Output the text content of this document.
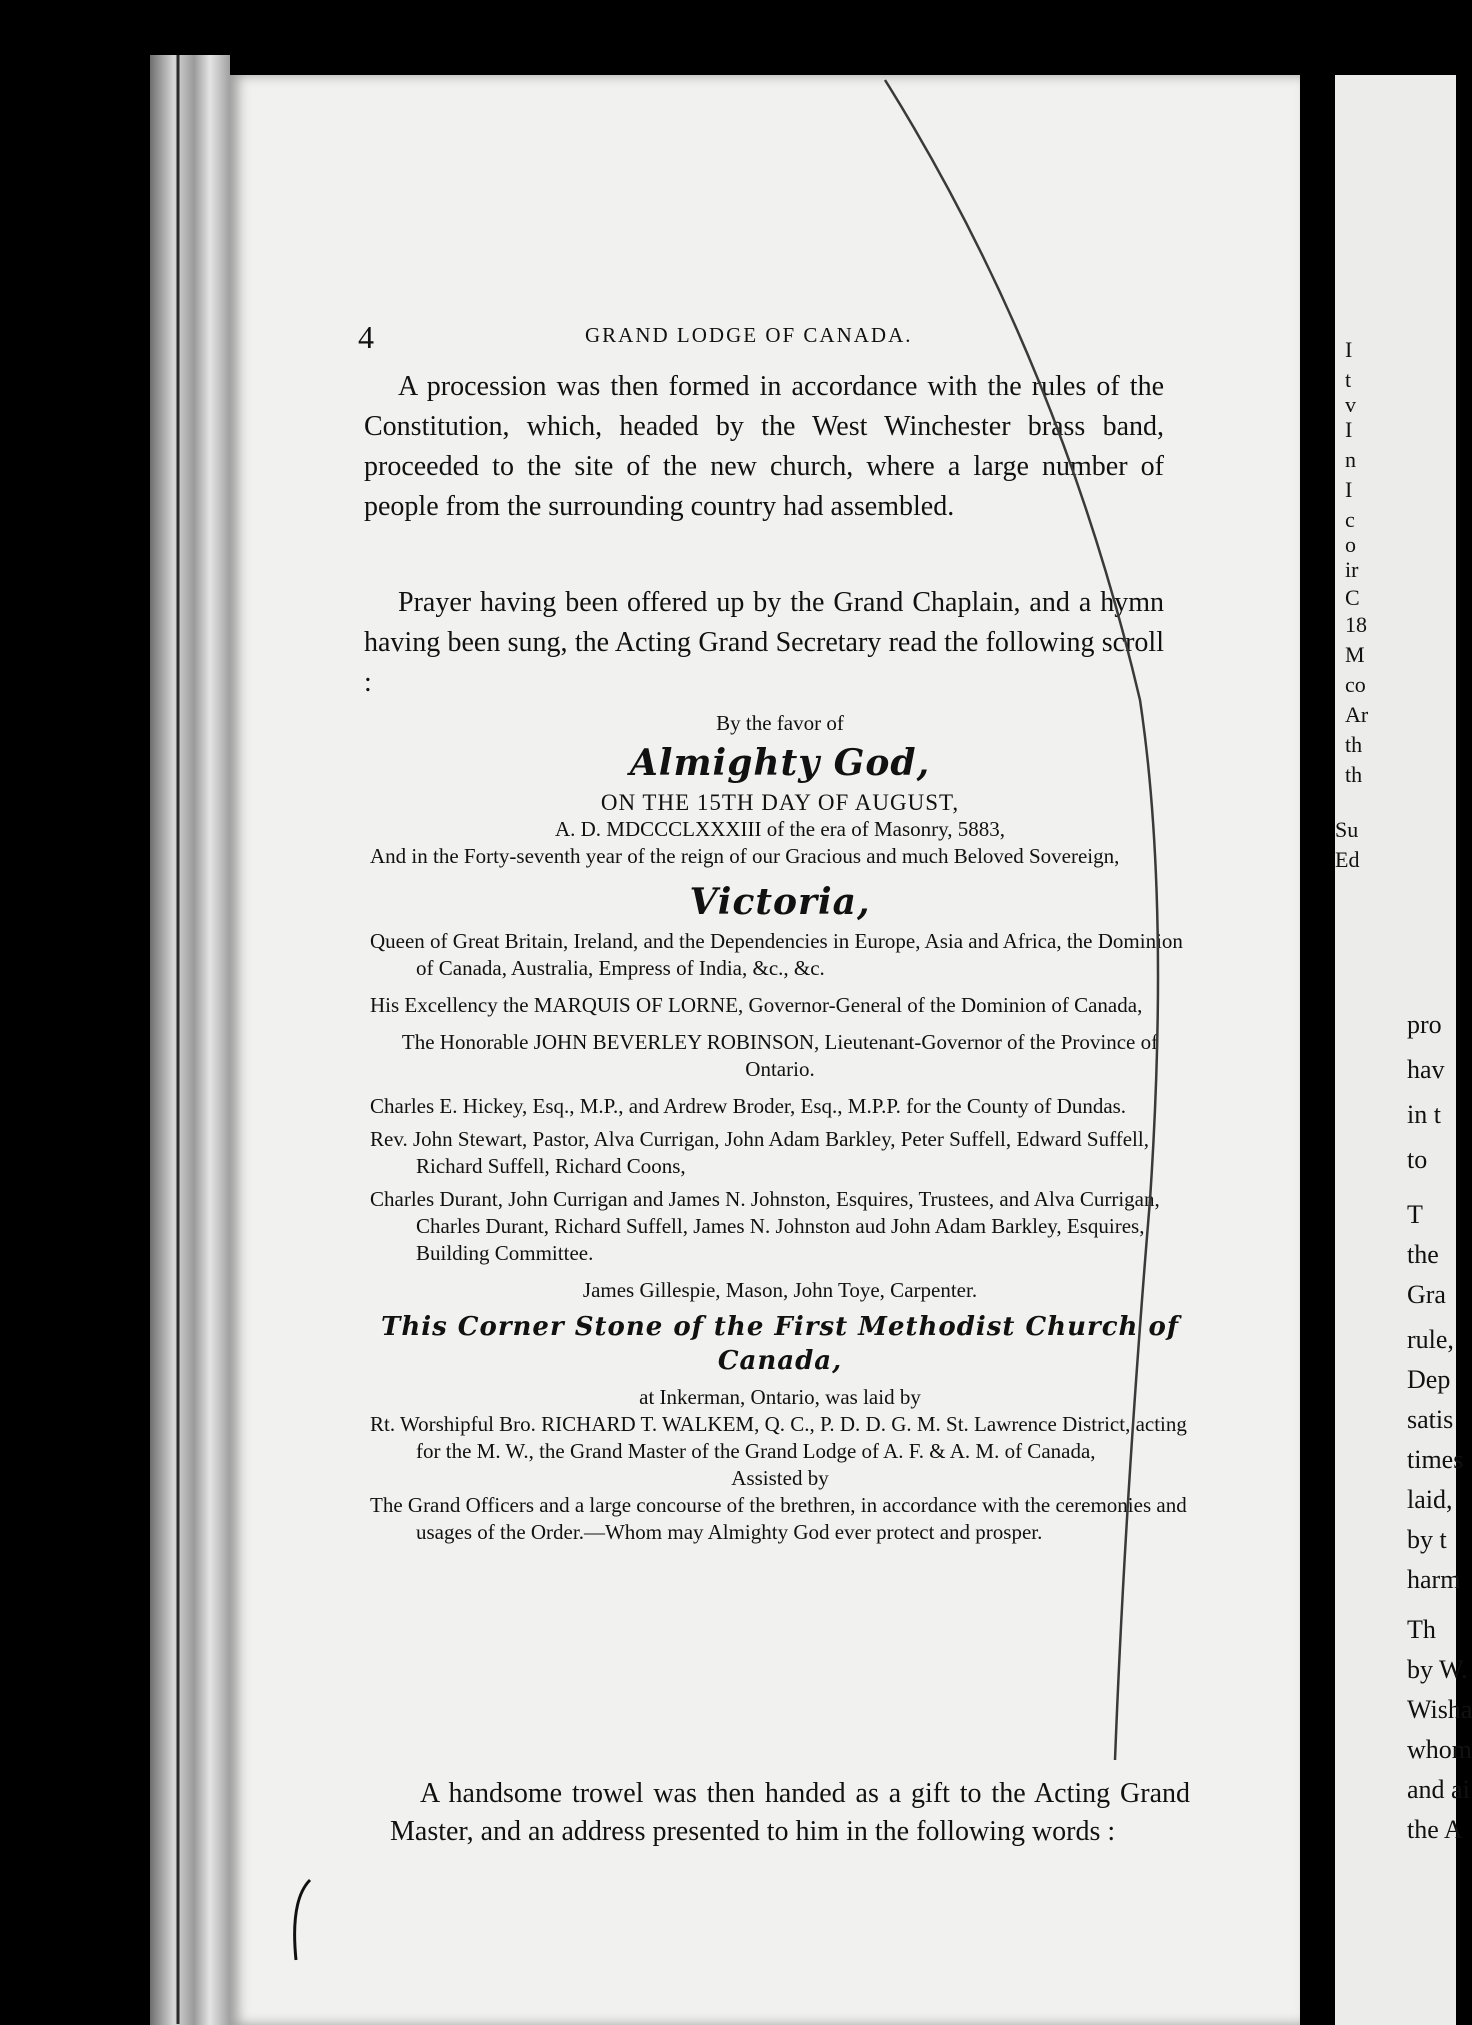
4	GRAND LODGE OF CANADA.

A procession was then formed in accordance with the rules of the Constitution, which, headed by the West Winchester brass band, proceeded to the site of the new church, where a large number of people from the surrounding country had assembled.

Prayer having been offered up by the Grand Chaplain, and a hymn having been sung, the Acting Grand Secretary read the following scroll :

By the favor of

Almighty God,

ON THE 15TH DAY OF AUGUST,

A. D. MDCCCLXXXIII of the era of Masonry, 5883,

And in the Forty-seventh year of the reign of our Gracious and much Beloved Sovereign,

Victoria,

Queen of Great Britain, Ireland, and the Dependencies in Europe, Asia and Africa, the Dominion of Canada, Australia, Empress of India, &c., &c.

His Excellency the MARQUIS OF LORNE, Governor-General of the Dominion of Canada,

The Honorable JOHN BEVERLEY ROBINSON, Lieutenant-Governor of the Province of Ontario.

Charles E. Hickey, Esq., M.P., and Ardrew Broder, Esq., M.P.P. for the County of Dundas.

Rev. John Stewart, Pastor, Alva Currigan, John Adam Barkley, Peter Suffell, Edward Suffell, Richard Suffell, Richard Coons,

Charles Durant, John Currigan and James N. Johnston, Esquires, Trustees, and Alva Currigan, Charles Durant, Richard Suffell, James N. Johnston aud John Adam Barkley, Esquires, Building Committee.

James Gillespie, Mason, John Toye, Carpenter.

This Corner Stone of the First Methodist Church of Canada,

at Inkerman, Ontario, was laid by

Rt. Worshipful Bro. RICHARD T. WALKEM, Q. C., P. D. D. G. M. St. Lawrence District, acting for the M. W., the Grand Master of the Grand Lodge of A. F. & A. M. of Canada,

Assisted by

The Grand Officers and a large concourse of the brethren, in accordance with the ceremonies and usages of the Order.—Whom may Almighty God ever protect and prosper.

A handsome trowel was then handed as a gift to the Acting Grand Master, and an address presented to him in the following words :

I
t
v
I
n
I
c
o
ir
C
18
M
co
Ar
th
th
Su
Ed
pro
hav
in t
to
T
the
Gra
rule,
Dep
satis
times
laid,
by t
harm
Th
by W.
Wisha
whom
and ai
the A
